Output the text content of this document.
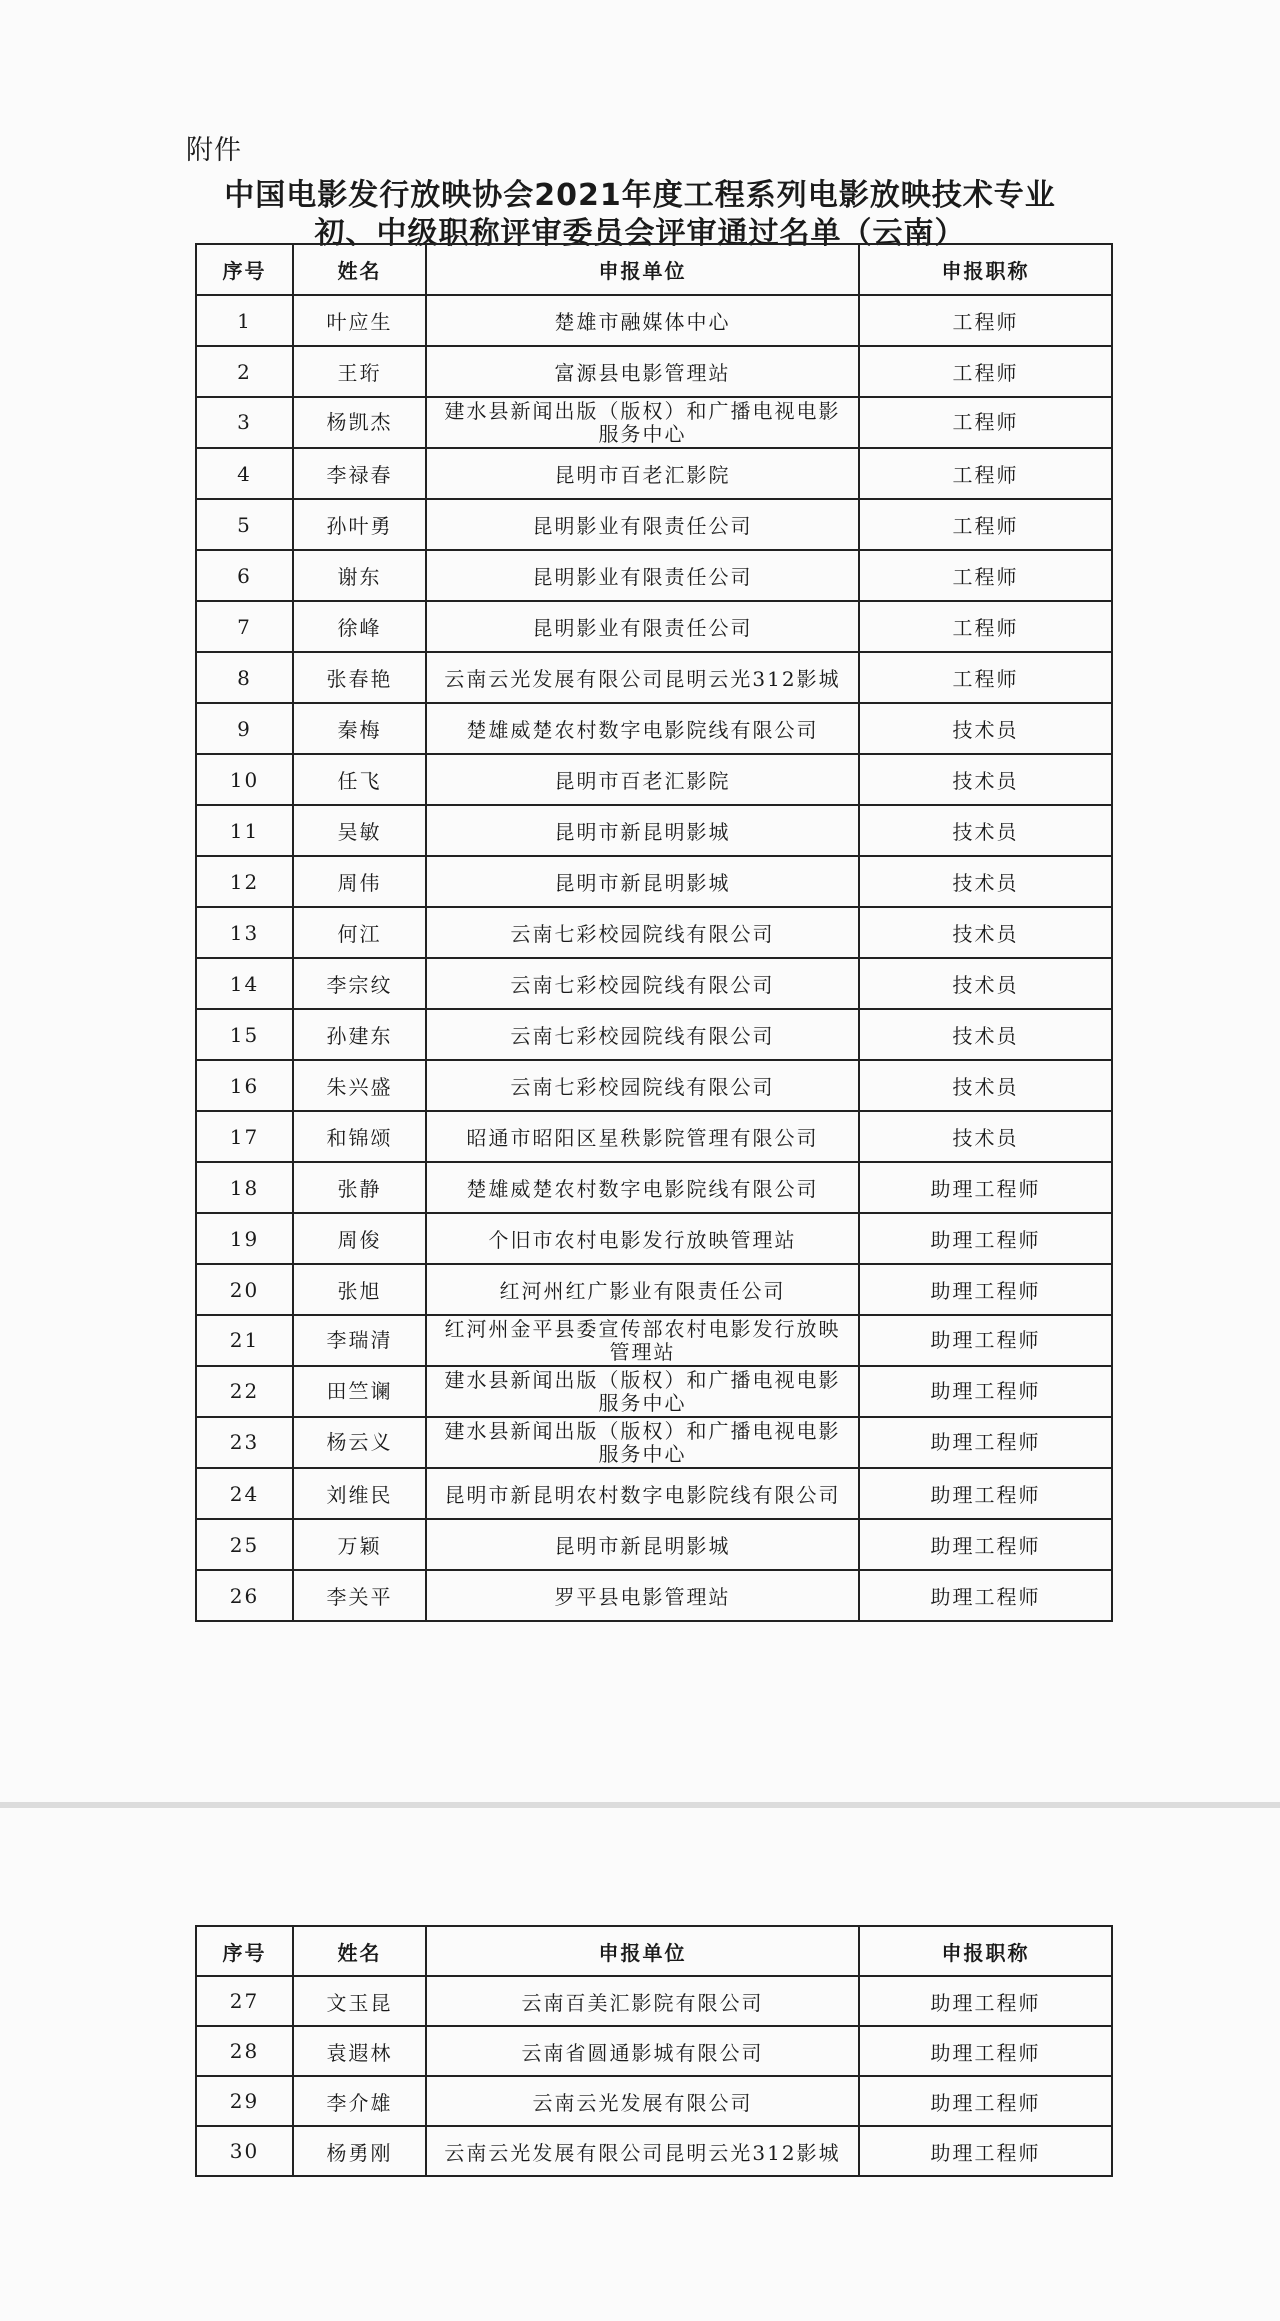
附件
中国电影发行放映协会2021年度工程系列电影放映技术专业
初、中级职称评审委员会评审通过名单（云南）
序号	姓名	申报单位	申报职称
1	叶应生	楚雄市融媒体中心	工程师
2	王珩	富源县电影管理站	工程师
3	杨凯杰	建水县新闻出版（版权）和广播电视电影
服务中心	工程师
4	李禄春	昆明市百老汇影院	工程师
5	孙叶勇	昆明影业有限责任公司	工程师
6	谢东	昆明影业有限责任公司	工程师
7	徐峰	昆明影业有限责任公司	工程师
8	张春艳	云南云光发展有限公司昆明云光312影城	工程师
9	秦梅	楚雄威楚农村数字电影院线有限公司	技术员
10	任飞	昆明市百老汇影院	技术员
11	吴敏	昆明市新昆明影城	技术员
12	周伟	昆明市新昆明影城	技术员
13	何江	云南七彩校园院线有限公司	技术员
14	李宗纹	云南七彩校园院线有限公司	技术员
15	孙建东	云南七彩校园院线有限公司	技术员
16	朱兴盛	云南七彩校园院线有限公司	技术员
17	和锦颂	昭通市昭阳区星秩影院管理有限公司	技术员
18	张静	楚雄威楚农村数字电影院线有限公司	助理工程师
19	周俊	个旧市农村电影发行放映管理站	助理工程师
20	张旭	红河州红广影业有限责任公司	助理工程师
21	李瑞清	红河州金平县委宣传部农村电影发行放映
管理站	助理工程师
22	田竺谰	建水县新闻出版（版权）和广播电视电影
服务中心	助理工程师
23	杨云义	建水县新闻出版（版权）和广播电视电影
服务中心	助理工程师
24	刘维民	昆明市新昆明农村数字电影院线有限公司	助理工程师
25	万颖	昆明市新昆明影城	助理工程师
26	李关平	罗平县电影管理站	助理工程师
序号	姓名	申报单位	申报职称
27	文玉昆	云南百美汇影院有限公司	助理工程师
28	袁遐林	云南省圆通影城有限公司	助理工程师
29	李介雄	云南云光发展有限公司	助理工程师
30	杨勇刚	云南云光发展有限公司昆明云光312影城	助理工程师
